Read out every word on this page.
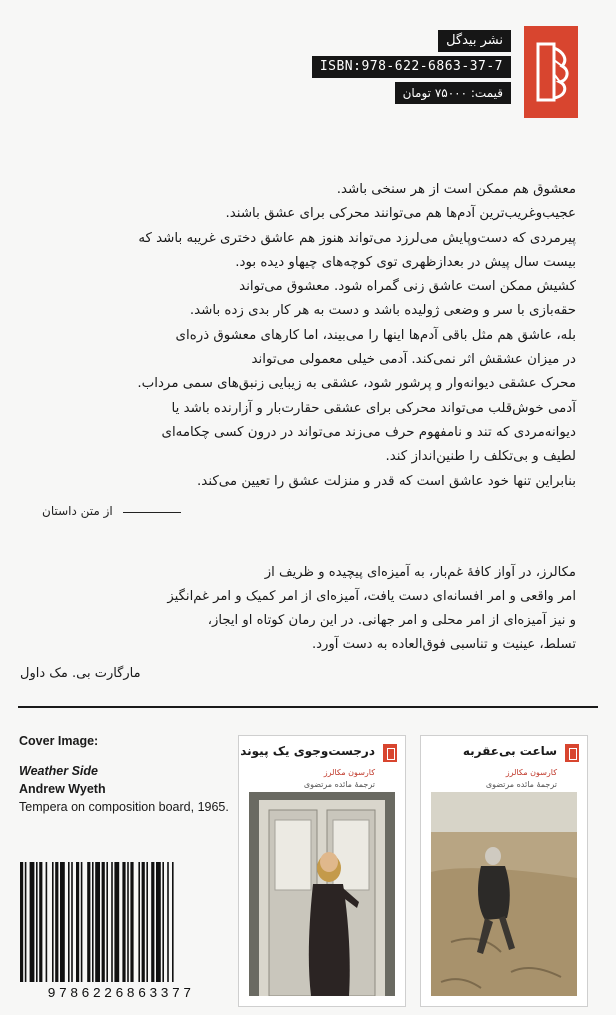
نشر بیدگل
ISBN:978-622-6863-37-7
قیمت: ۷۵۰۰۰ تومان

معشوق هم ممکن است از هر سنخی باشد.

عجیب‌وغریب‌ترین آدم‌ها هم می‌توانند محرکی برای عشق باشند.

پیرمردی که دست‌وپایش می‌لرزد می‌تواند هنوز هم عاشق دختری غریبه باشد که

بیست سال پیش در بعدازظهری توی کوچه‌های چیهاو دیده بود.

کشیش ممکن است عاشق زنی گمراه شود. معشوق می‌تواند

حقه‌بازی با سر و وضعی ژولیده باشد و دست به هر کار بدی زده باشد.

بله، عاشق هم مثل باقی آدم‌ها اینها را می‌بیند، اما کارهای معشوق ذره‌ای

در میزان عشقش اثر نمی‌کند. آدمی خیلی معمولی می‌تواند

محرک عشقی دیوانه‌وار و پرشور شود، عشقی به زیبایی زنبق‌های سمی مرداب.

آدمی خوش‌قلب می‌تواند محرکی برای عشقی حقارت‌بار و آزارنده باشد یا

دیوانه‌مردی که تند و نامفهوم حرف می‌زند می‌تواند در درون کسی چکامه‌ای

لطیف و بی‌تکلف را طنین‌انداز کند.

بنابراین تنها خود عاشق است که قدر و منزلت عشق را تعیین می‌کند.

از متن داستان

مکالرز، در آواز کافهٔ غم‌بار، به آمیزه‌ای پیچیده و ظریف از

امر واقعی و امر افسانه‌ای دست یافت، آمیزه‌ای از امر کمیک و امر غم‌انگیز

و نیز آمیزه‌ای از امر محلی و امر جهانی. در این رمان کوتاه او ایجاز،

تسلط، عینیت و تناسبی فوق‌العاده به دست آورد.

مارگارت بی. مک داول
Cover Image:
Weather Side
Andrew Wyeth
Tempera on composition board, 1965.
9786226863377
درجست‌وجوی یک پیوند
کارسون مکالرز
ترجمهٔ مائده مرتضوی
ساعت بی‌عقربه
کارسون مکالرز
ترجمهٔ مائده مرتضوی
